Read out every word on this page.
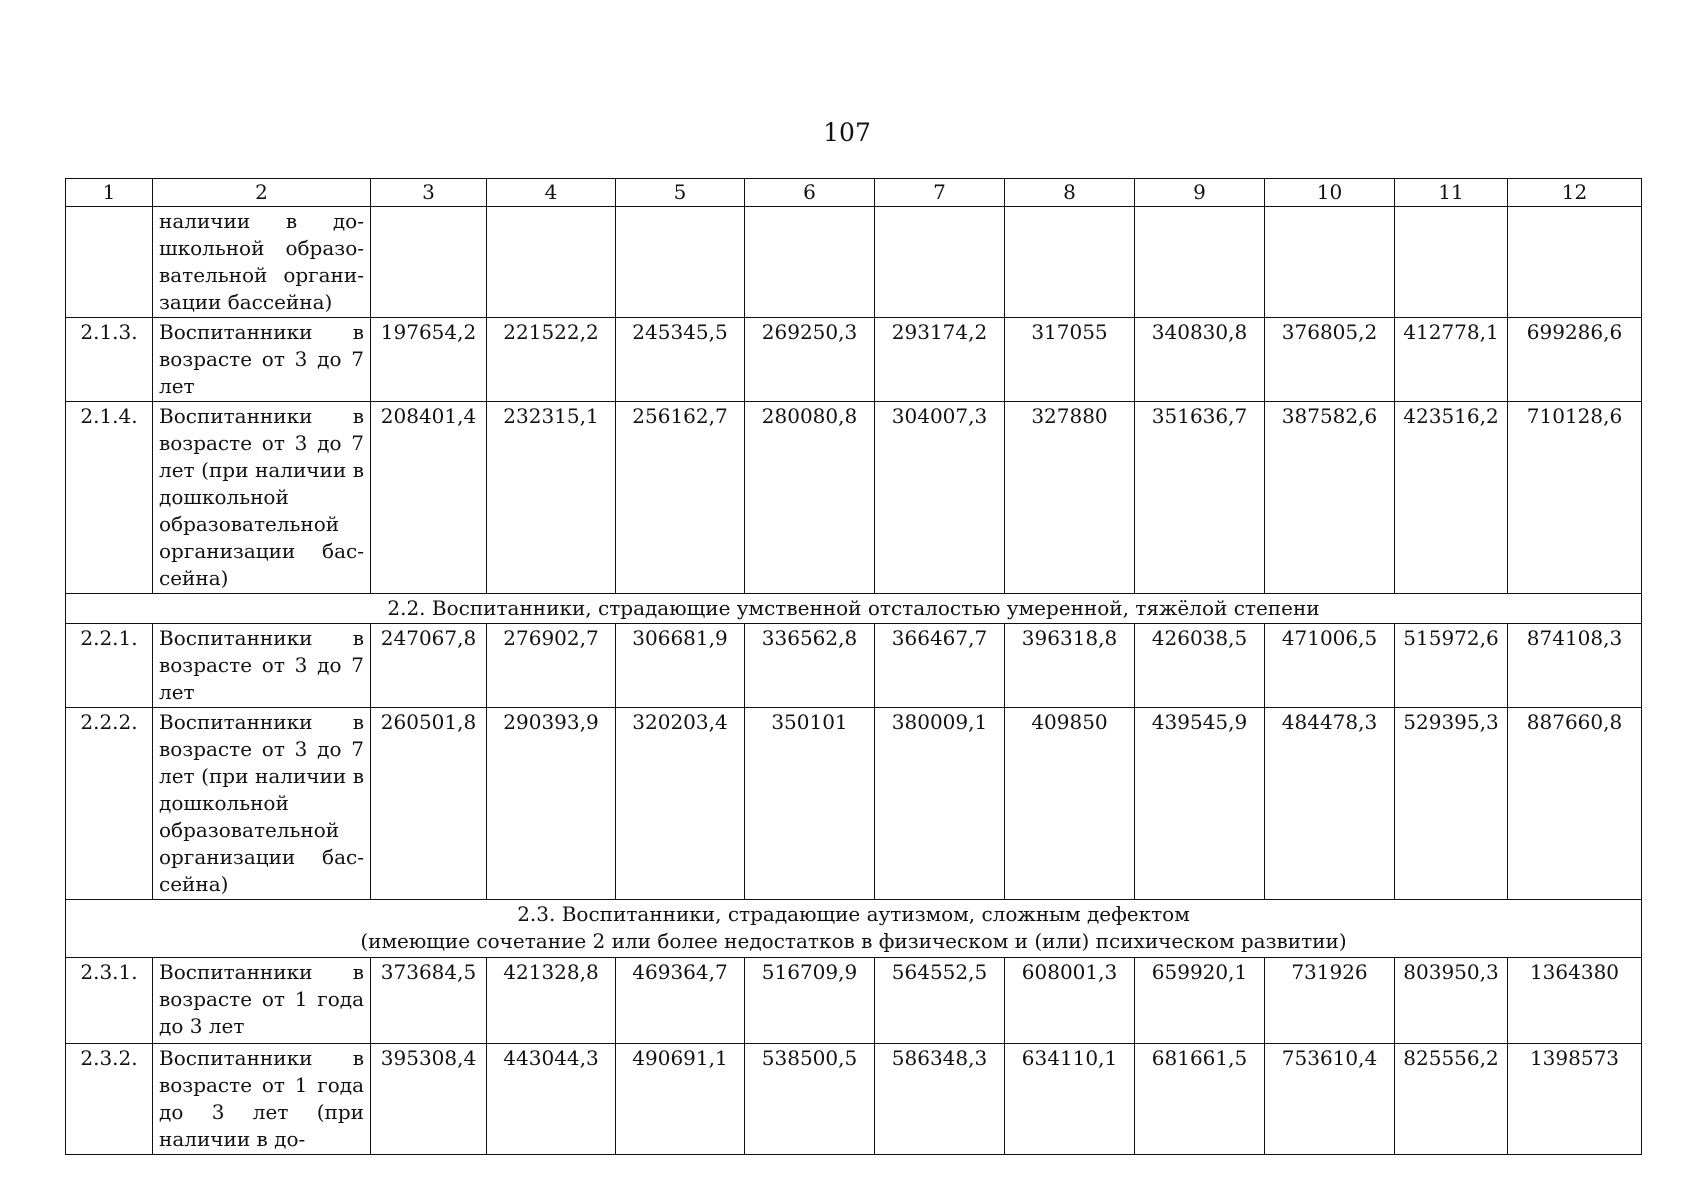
107
1	2	3	4	5	6	7	8	9	10	11	12
	наличии в дошкольной образовательной организации бассейна)										
2.1.3.	Воспитанники в возрасте от 3 до 7 лет	197654,2	221522,2	245345,5	269250,3	293174,2	317055	340830,8	376805,2	412778,1	699286,6
2.1.4.	Воспитанники в возрасте от 3 до 7 лет (при наличии в дошкольной образовательной организации бассейна)	208401,4	232315,1	256162,7	280080,8	304007,3	327880	351636,7	387582,6	423516,2	710128,6
2.2. Воспитанники, страдающие умственной отсталостью умеренной, тяжёлой степени											
2.2.1.	Воспитанники в возрасте от 3 до 7 лет	247067,8	276902,7	306681,9	336562,8	366467,7	396318,8	426038,5	471006,5	515972,6	874108,3
2.2.2.	Воспитанники в возрасте от 3 до 7 лет (при наличии в дошкольной образовательной организации бассейна)	260501,8	290393,9	320203,4	350101	380009,1	409850	439545,9	484478,3	529395,3	887660,8

2.3. Воспитанники, страдающие аутизмом, сложным дефектом
(имеющие сочетание 2 или более недостатков в физическом и (или) психическом развитии)											

2.3.1.	Воспитанники в возрасте от 1 года до 3 лет	373684,5	421328,8	469364,7	516709,9	564552,5	608001,3	659920,1	731926	803950,3	1364380
2.3.2.	Воспитанники в возрасте от 1 года до 3 лет (при наличии в до-	395308,4	443044,3	490691,1	538500,5	586348,3	634110,1	681661,5	753610,4	825556,2	1398573
